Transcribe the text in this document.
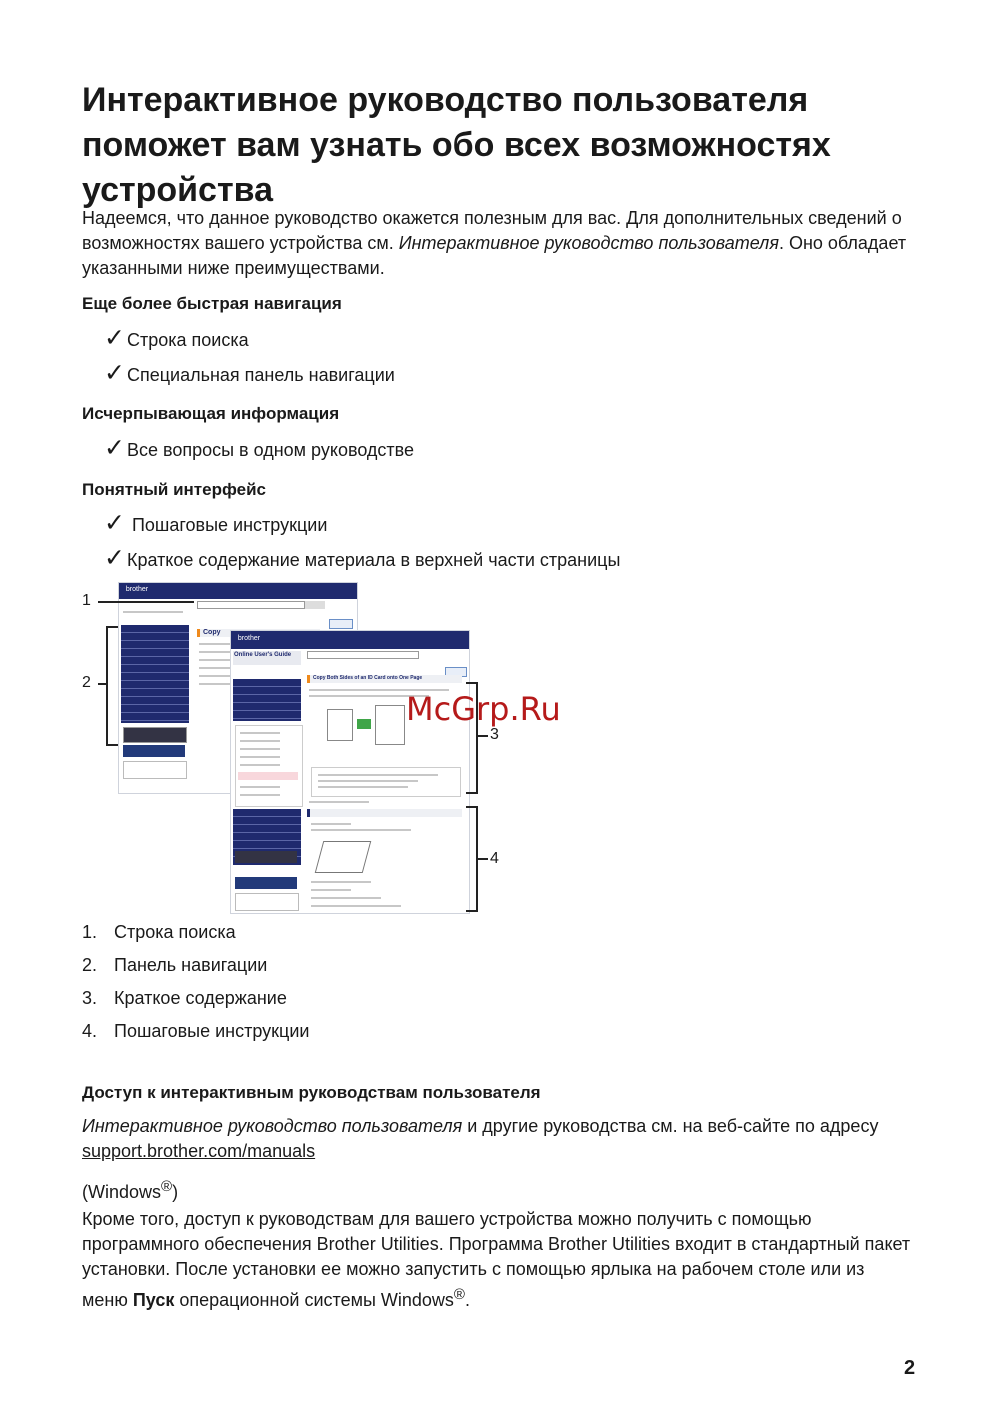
Интерактивное руководство пользователя поможет вам узнать обо всех возможностях устройства

Надеемся, что данное руководство окажется полезным для вас. Для дополнительных сведений о возможностях вашего устройства см. Интерактивное руководство пользователя. Оно обладает указанными ниже преимуществами.

Еще более быстрая навигация

✓ Строка поиска
✓ Специальная панель навигации

Исчерпывающая информация

✓ Все вопросы в одном руководстве

Понятный интерфейс

✓ Пошаговые инструкции
✓ Краткое содержание материала в верхней части страницы
brother
Copy
brother
Online User's Guide
Copy Both Sides of an ID Card onto One Page
1
2
3
4
McGrp.Ru
1. Строка поиска
2. Панель навигации
3. Краткое содержание
4. Пошаговые инструкции

Доступ к интерактивным руководствам пользователя

Интерактивное руководство пользователя и другие руководства см. на веб-сайте по адресу support.brother.com/manuals

(Windows®)

Кроме того, доступ к руководствам для вашего устройства можно получить с помощью программного обеспечения Brother Utilities. Программа Brother Utilities входит в стандартный пакет установки. После установки ее можно запустить с помощью ярлыка на рабочем столе или из меню Пуск операционной системы Windows®.

2
